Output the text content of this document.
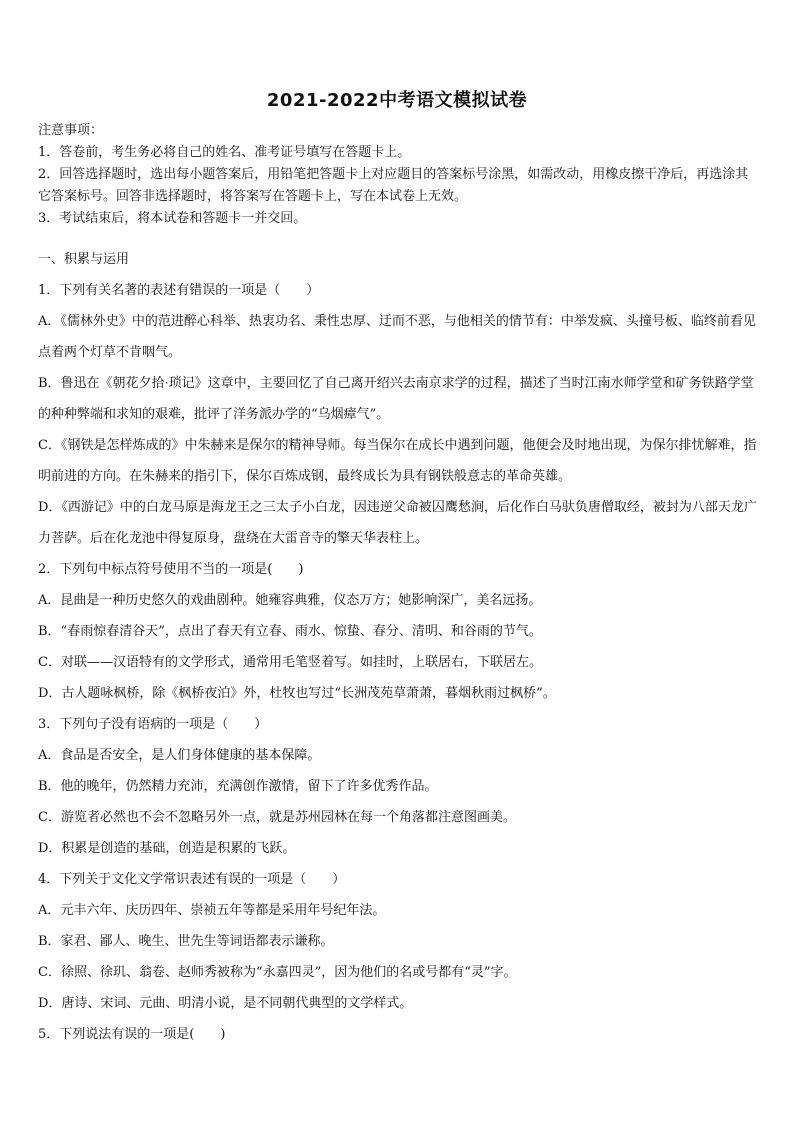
2021-2022中考语文模拟试卷

注意事项：

1．答卷前，考生务必将自己的姓名、准考证号填写在答题卡上。

2．回答选择题时，选出每小题答案后，用铅笔把答题卡上对应题目的答案标号涂黑，如需改动，用橡皮擦干净后，再选涂其它答案标号。回答非选择题时，将答案写在答题卡上，写在本试卷上无效。

3．考试结束后，将本试卷和答题卡一并交回。

一、积累与运用

1．下列有关名著的表述有错误的一项是（　　）

A．《儒林外史》中的范进醉心科举、热衷功名、秉性忠厚、迂而不恶，与他相关的情节有：中举发疯、头撞号板、临终前看见点着两个灯草不肯咽气。

B．鲁迅在《朝花夕拾·琐记》这章中，主要回忆了自己离开绍兴去南京求学的过程，描述了当时江南水师学堂和矿务铁路学堂的种种弊端和求知的艰难，批评了洋务派办学的“乌烟瘴气”。

C．《钢铁是怎样炼成的》中朱赫来是保尔的精神导师。每当保尔在成长中遇到问题，他便会及时地出现，为保尔排忧解难，指明前进的方向。在朱赫来的指引下，保尔百炼成钢，最终成长为具有钢铁般意志的革命英雄。

D．《西游记》中的白龙马原是海龙王之三太子小白龙，因违逆父命被囚鹰愁涧，后化作白马驮负唐僧取经，被封为八部天龙广力菩萨。后在化龙池中得复原身，盘绕在大雷音寺的擎天华表柱上。

2．下列句中标点符号使用不当的一项是(　　)

A．昆曲是一种历史悠久的戏曲剧种。她雍容典雅，仪态万方；她影响深广，美名远扬。

B．“春雨惊春清谷天”，点出了春天有立春、雨水、惊蛰、春分、清明、和谷雨的节气。

C．对联——汉语特有的文学形式，通常用毛笔竖着写。如挂时，上联居右，下联居左。

D．古人题咏枫桥，除《枫桥夜泊》外，杜牧也写过“长洲茂苑草萧萧，暮烟秋雨过枫桥”。

3．下列句子没有语病的一项是（　　）

A．食品是否安全，是人们身体健康的基本保障。

B．他的晚年，仍然精力充沛，充满创作激情，留下了许多优秀作品。

C．游览者必然也不会不忽略另外一点，就是苏州园林在每一个角落都注意图画美。

D．积累是创造的基础，创造是积累的飞跃。

4．下列关于文化文学常识表述有误的一项是（　　）

A．元丰六年、庆历四年、崇祯五年等都是采用年号纪年法。

B．家君、鄙人、晚生、世先生等词语都表示谦称。

C．徐照、徐玑、翁卷、赵师秀被称为“永嘉四灵”，因为他们的名或号都有“灵”字。

D．唐诗、宋词、元曲、明清小说，是不同朝代典型的文学样式。

5．下列说法有误的一项是(　　)
